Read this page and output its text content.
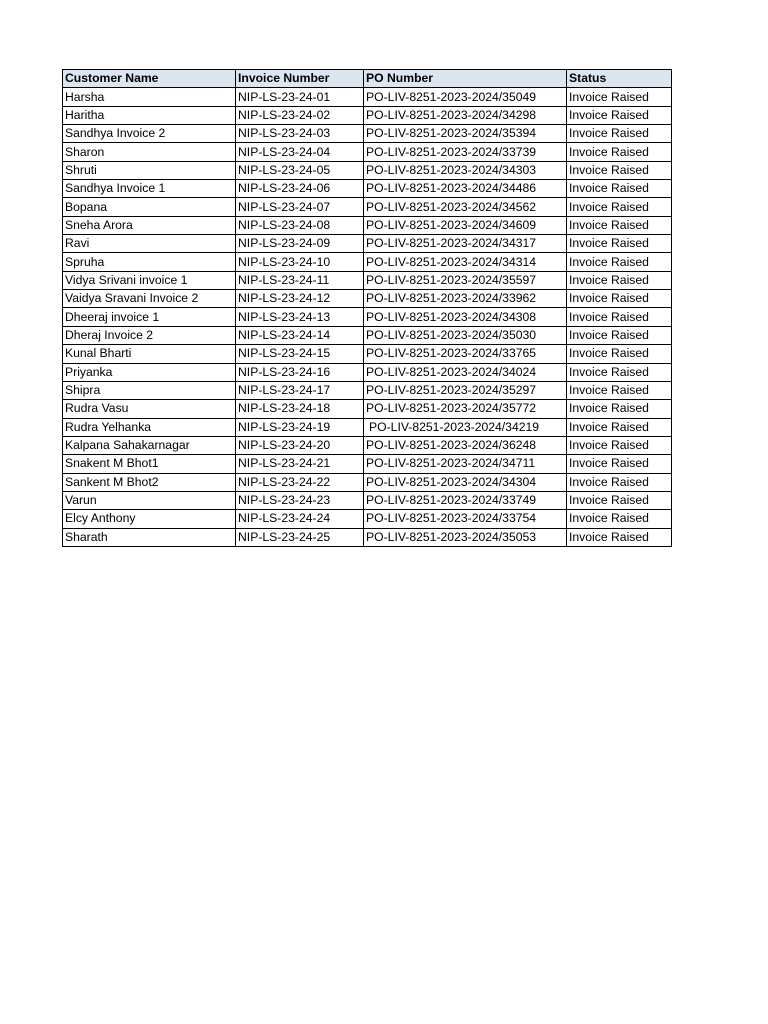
Customer Name	Invoice Number	PO Number	Status
Harsha	NIP-LS-23-24-01	PO-LIV-8251-2023-2024/35049	Invoice Raised
Haritha	NIP-LS-23-24-02	PO-LIV-8251-2023-2024/34298	Invoice Raised
Sandhya Invoice 2	NIP-LS-23-24-03	PO-LIV-8251-2023-2024/35394	Invoice Raised
Sharon	NIP-LS-23-24-04	PO-LIV-8251-2023-2024/33739	Invoice Raised
Shruti	NIP-LS-23-24-05	PO-LIV-8251-2023-2024/34303	Invoice Raised
Sandhya Invoice 1	NIP-LS-23-24-06	PO-LIV-8251-2023-2024/34486	Invoice Raised
Bopana	NIP-LS-23-24-07	PO-LIV-8251-2023-2024/34562	Invoice Raised
Sneha Arora	NIP-LS-23-24-08	PO-LIV-8251-2023-2024/34609	Invoice Raised
Ravi	NIP-LS-23-24-09	PO-LIV-8251-2023-2024/34317	Invoice Raised
Spruha	NIP-LS-23-24-10	PO-LIV-8251-2023-2024/34314	Invoice Raised
Vidya Srivani invoice 1	NIP-LS-23-24-11	PO-LIV-8251-2023-2024/35597	Invoice Raised
Vaidya Sravani Invoice 2	NIP-LS-23-24-12	PO-LIV-8251-2023-2024/33962	Invoice Raised
Dheeraj invoice 1	NIP-LS-23-24-13	PO-LIV-8251-2023-2024/34308	Invoice Raised
Dheraj Invoice 2	NIP-LS-23-24-14	PO-LIV-8251-2023-2024/35030	Invoice Raised
Kunal Bharti	NIP-LS-23-24-15	PO-LIV-8251-2023-2024/33765	Invoice Raised
Priyanka	NIP-LS-23-24-16	PO-LIV-8251-2023-2024/34024	Invoice Raised
Shipra	NIP-LS-23-24-17	PO-LIV-8251-2023-2024/35297	Invoice Raised
Rudra Vasu	NIP-LS-23-24-18	PO-LIV-8251-2023-2024/35772	Invoice Raised
Rudra Yelhanka	NIP-LS-23-24-19	PO-LIV-8251-2023-2024/34219	Invoice Raised
Kalpana Sahakarnagar	NIP-LS-23-24-20	PO-LIV-8251-2023-2024/36248	Invoice Raised
Snakent M Bhot1	NIP-LS-23-24-21	PO-LIV-8251-2023-2024/34711	Invoice Raised
Sankent M Bhot2	NIP-LS-23-24-22	PO-LIV-8251-2023-2024/34304	Invoice Raised
Varun	NIP-LS-23-24-23	PO-LIV-8251-2023-2024/33749	Invoice Raised
Elcy Anthony	NIP-LS-23-24-24	PO-LIV-8251-2023-2024/33754	Invoice Raised
Sharath	NIP-LS-23-24-25	PO-LIV-8251-2023-2024/35053	Invoice Raised
